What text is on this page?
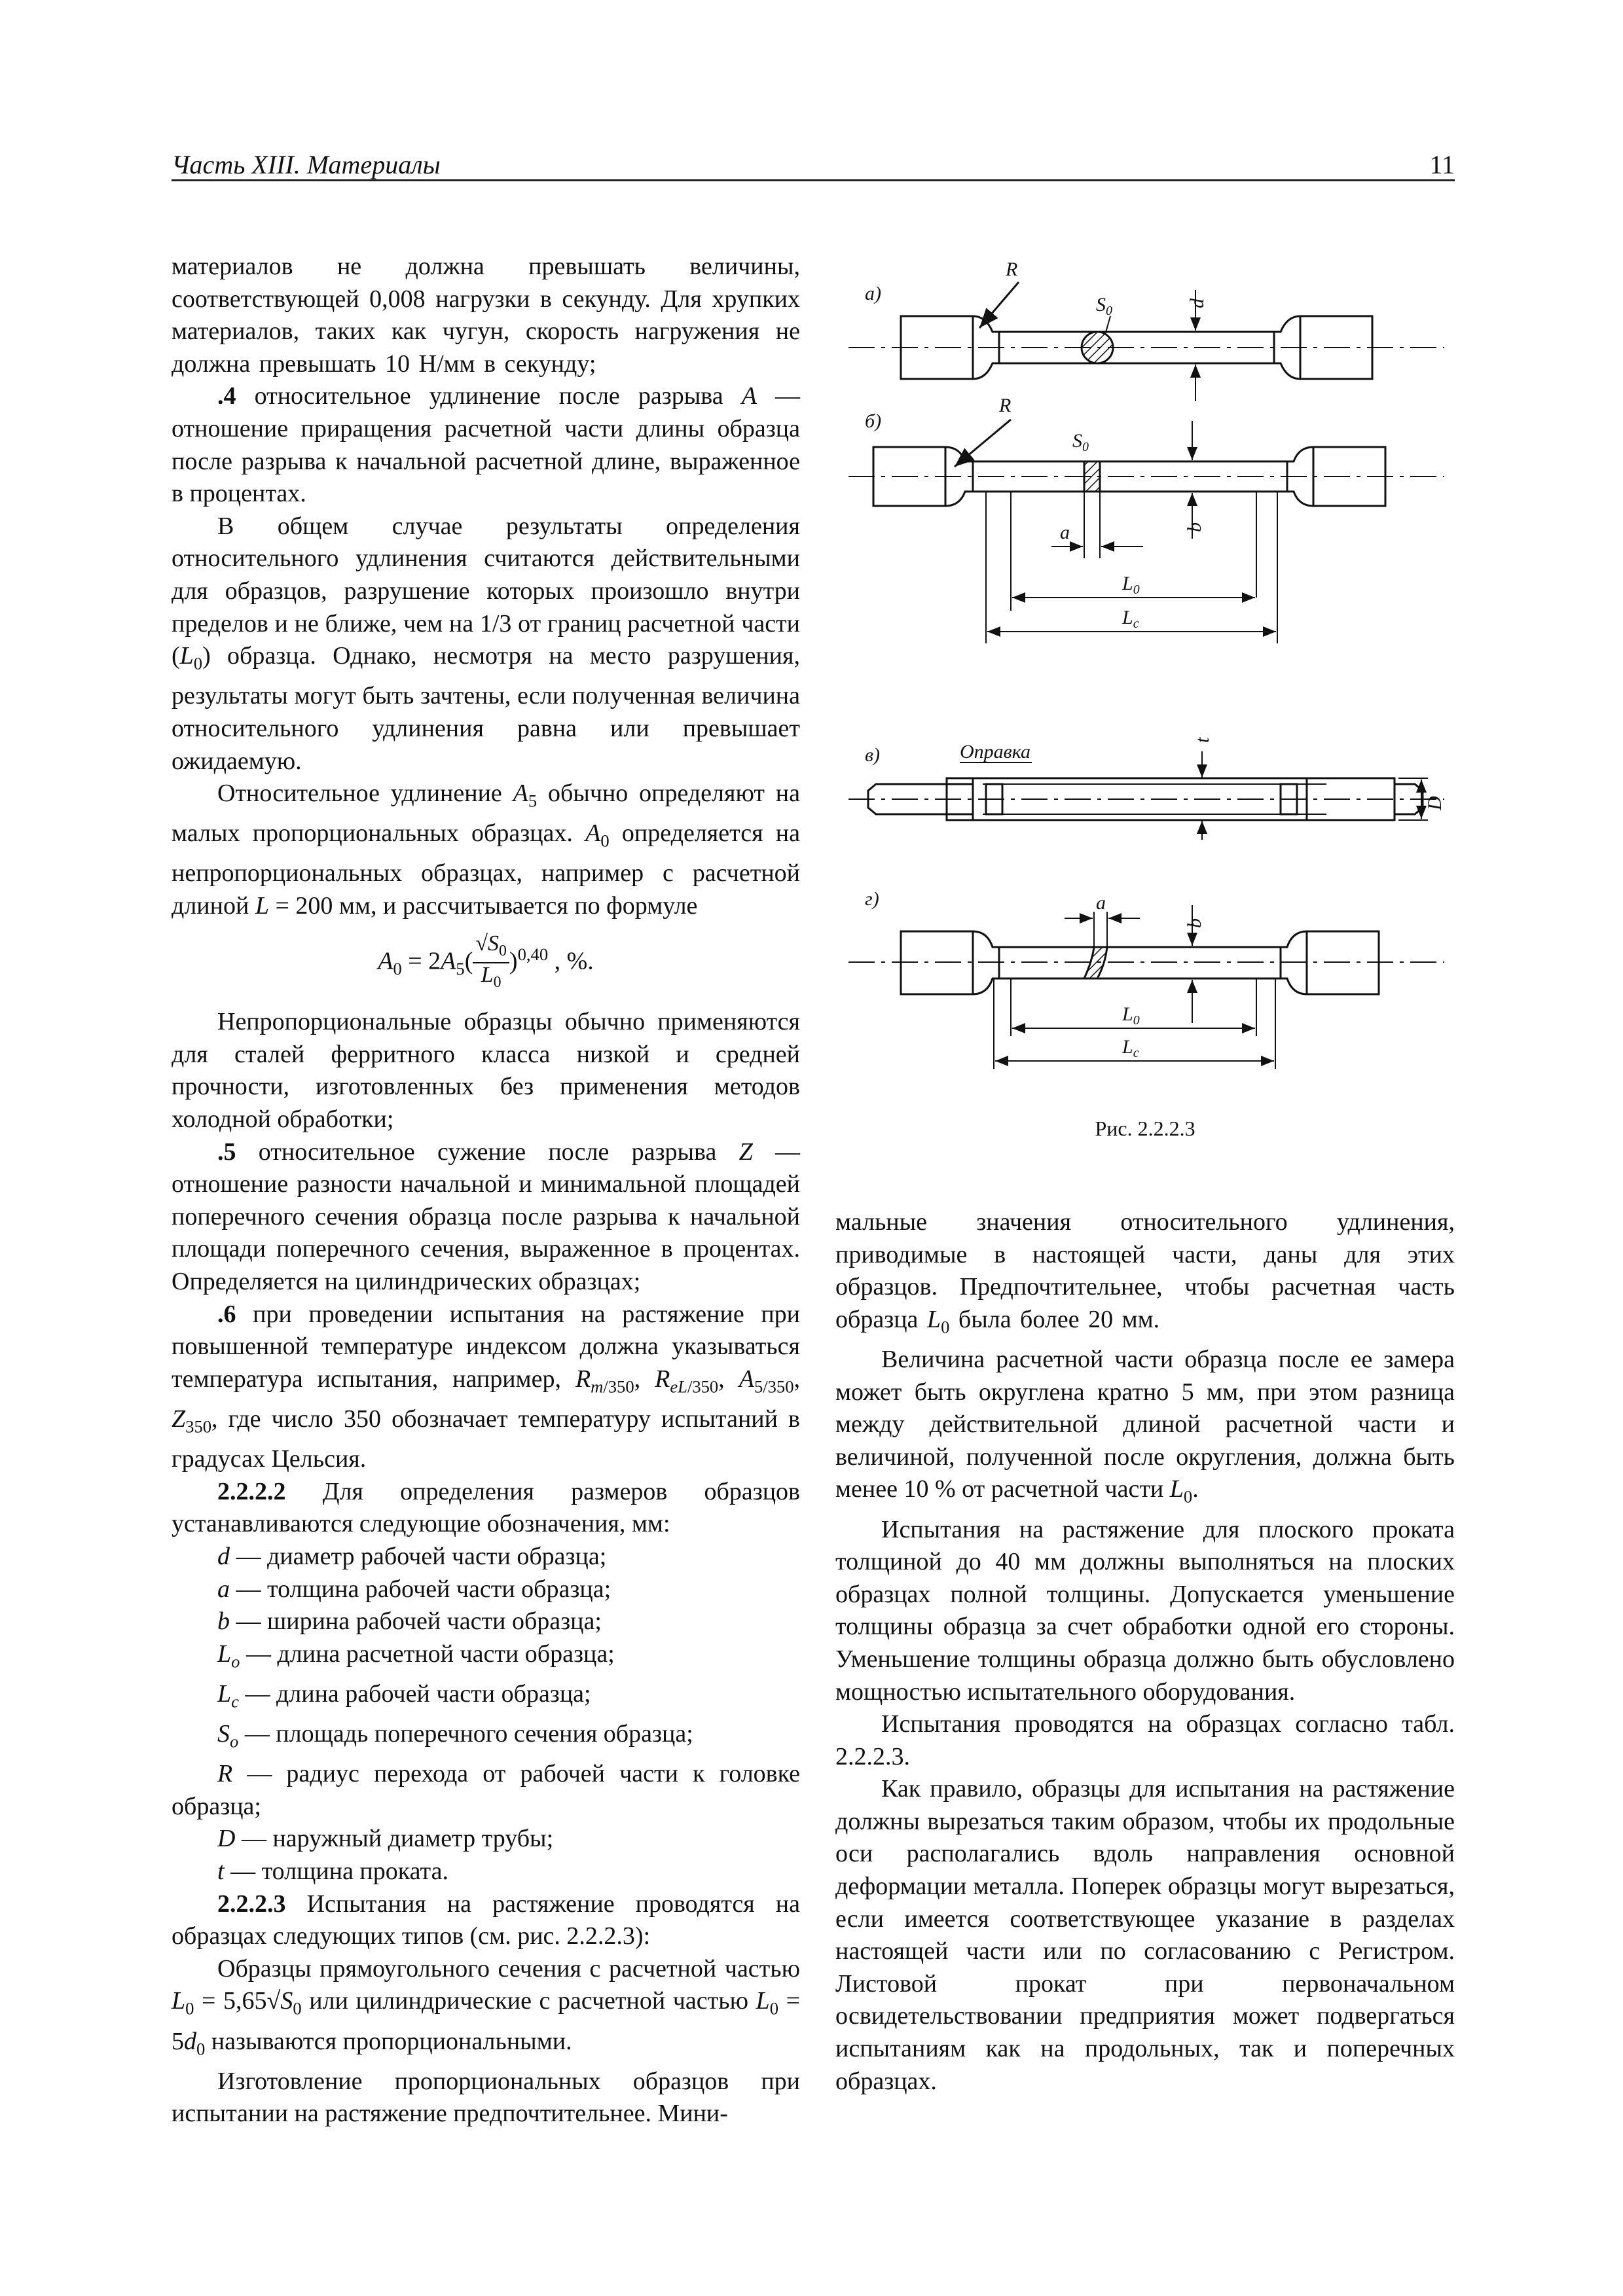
Часть XIII. Материалы	11

материалов не должна превышать величины, соответствующей 0,008 нагрузки в секунду. Для хрупких материалов, таких как чугун, скорость нагружения не должна превышать 10 Н/мм в секунду;

.4 относительное удлинение после разрыва A — отношение приращения расчетной части длины образца после разрыва к начальной расчетной длине, выраженное в процентах.

В общем случае результаты определения относительного удлинения считаются действительными для образцов, разрушение которых произошло внутри пределов и не ближе, чем на 1/3 от границ расчетной части $(L_0)$ образца. Однако, несмотря на место разрушения, результаты могут быть зачтены, если полученная величина относительного удлинения равна или превышает ожидаемую.

Относительное удлинение $A_5$ обычно определяют на малых пропорциональных образцах. $A_0$ определяется на непропорциональных образцах, например с расчетной длиной L = 200 мм, и рассчитывается по формуле

$A_0 = 2A_5( \frac{√S_0}{L_0} )^{0,40}$ , %.

Непропорциональные образцы обычно применяются для сталей ферритного класса низкой и средней прочности, изготовленных без применения методов холодной обработки;

.5 относительное сужение после разрыва Z — отношение разности начальной и минимальной площадей поперечного сечения образца после разрыва к начальной площади поперечного сечения, выраженное в процентах. Определяется на цилиндрических образцах;

.6 при проведении испытания на растяжение при повышенной температуре индексом должна указываться температура испытания, например, $R_{m/350}$, $R_{eL/350}$, $A_{5/350}$, $Z_{350}$, где число 350 обозначает температуру испытаний в градусах Цельсия.

2.2.2.2 Для определения размеров образцов устанавливаются следующие обозначения, мм:

d — диаметр рабочей части образца;

a — толщина рабочей части образца;

b — ширина рабочей части образца;

$L_o$ — длина расчетной части образца;

$L_c$ — длина рабочей части образца;

$S_o$ — площадь поперечного сечения образца;

R — радиус перехода от рабочей части к головке образца;

D — наружный диаметр трубы;

t — толщина проката.

2.2.2.3 Испытания на растяжение проводятся на образцах следующих типов (см. рис. 2.2.2.3):

Образцы прямоугольного сечения с расчетной частью $L_0 = 5,65√S_0$ или цилиндрические с расчетной частью $L_0 = 5d_0$ называются пропорциональными.

Изготовление пропорциональных образцов при испытании на растяжение предпочтительнее. Мини-

а)
$S_0$
R
d
б)
$S_0$
R
a	b
$L_0$
$L_c$
в)	Оправка
t
D
г)	a
b
$L_0$
$L_c$
Рис. 2.2.2.3

мальные значения относительного удлинения, приводимые в настоящей части, даны для этих образцов. Предпочтительнее, чтобы расчетная часть образца $L_0$ была более 20 мм.

Величина расчетной части образца после ее замера может быть округлена кратно 5 мм, при этом разница между действительной длиной расчетной части и величиной, полученной после округления, должна быть менее 10 % от расчетной части $L_0$.

Испытания на растяжение для плоского проката толщиной до 40 мм должны выполняться на плоских образцах полной толщины. Допускается уменьшение толщины образца за счет обработки одной его стороны. Уменьшение толщины образца должно быть обусловлено мощностью испытательного оборудования.

Испытания проводятся на образцах согласно табл. 2.2.2.3.

Как правило, образцы для испытания на растяжение должны вырезаться таким образом, чтобы их продольные оси располагались вдоль направления основной деформации металла. Поперек образцы могут вырезаться, если имеется соответствующее указание в разделах настоящей части или по согласованию с Регистром. Листовой прокат при первоначальном освидетельствовании предприятия может подвергаться испытаниям как на продольных, так и поперечных образцах.
